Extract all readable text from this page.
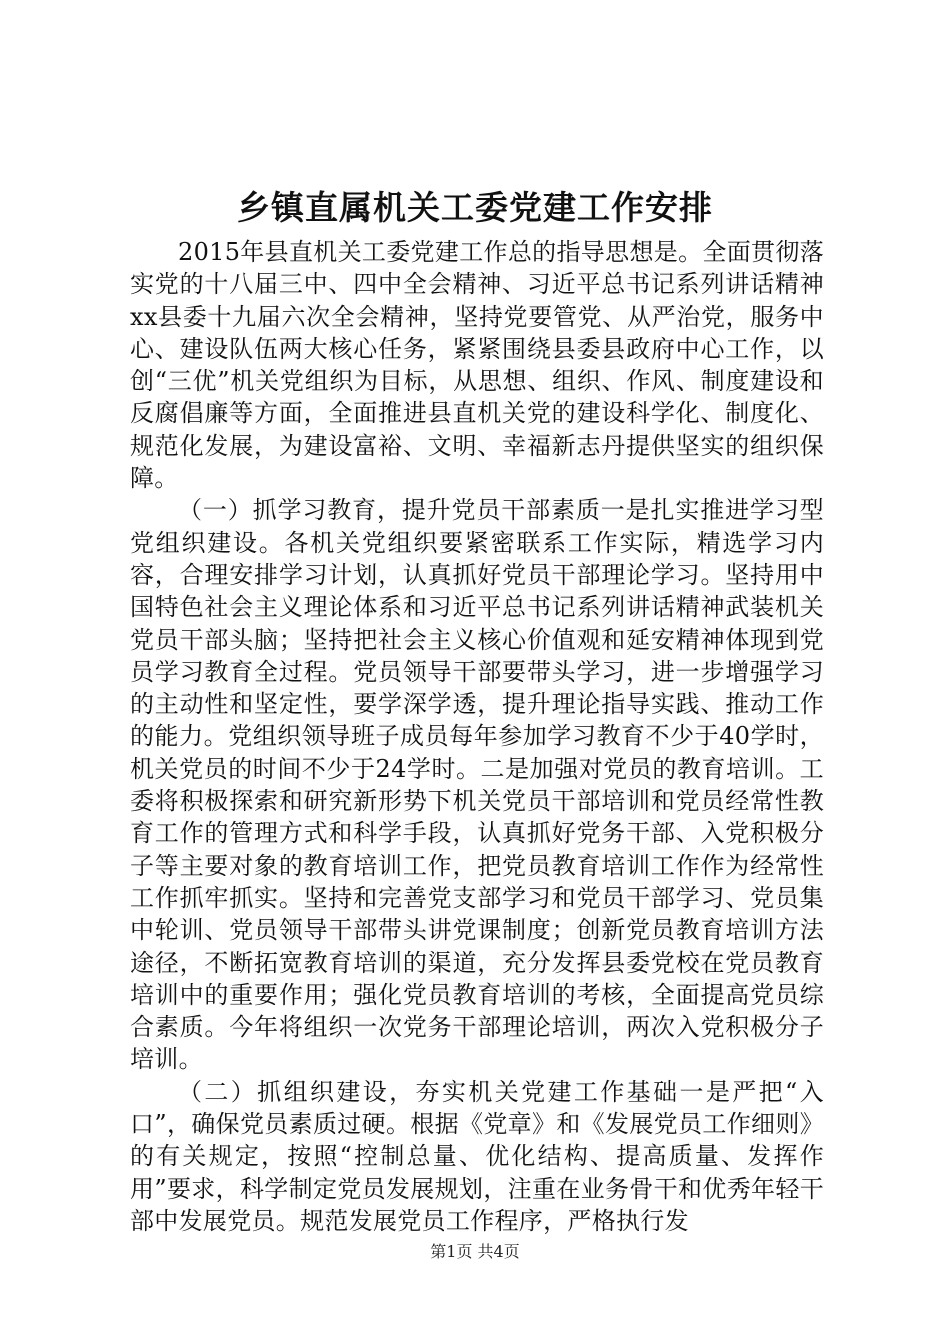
乡镇直属机关工委党建工作安排

2015年县直机关工委党建工作总的指导思想是。全面贯彻落实党的十八届三中、四中全会精神、习近平总书记系列讲话精神xx县委十九届六次全会精神，坚持党要管党、从严治党，服务中心、建设队伍两大核心任务，紧紧围绕县委县政府中心工作，以创“三优”机关党组织为目标，从思想、组织、作风、制度建设和反腐倡廉等方面，全面推进县直机关党的建设科学化、制度化、规范化发展，为建设富裕、文明、幸福新志丹提供坚实的组织保障。

（一）抓学习教育，提升党员干部素质一是扎实推进学习型党组织建设。各机关党组织要紧密联系工作实际，精选学习内容，合理安排学习计划，认真抓好党员干部理论学习。坚持用中国特色社会主义理论体系和习近平总书记系列讲话精神武装机关党员干部头脑；坚持把社会主义核心价值观和延安精神体现到党员学习教育全过程。党员领导干部要带头学习，进一步增强学习的主动性和坚定性，要学深学透，提升理论指导实践、推动工作的能力。党组织领导班子成员每年参加学习教育不少于40学时，机关党员的时间不少于24学时。二是加强对党员的教育培训。工委将积极探索和研究新形势下机关党员干部培训和党员经常性教育工作的管理方式和科学手段，认真抓好党务干部、入党积极分子等主要对象的教育培训工作，把党员教育培训工作作为经常性工作抓牢抓实。坚持和完善党支部学习和党员干部学习、党员集中轮训、党员领导干部带头讲党课制度；创新党员教育培训方法途径，不断拓宽教育培训的渠道，充分发挥县委党校在党员教育培训中的重要作用；强化党员教育培训的考核，全面提高党员综合素质。今年将组织一次党务干部理论培训，两次入党积极分子培训。

（二）抓组织建设，夯实机关党建工作基础一是严把“入口”，确保党员素质过硬。根据《党章》和《发展党员工作细则》的有关规定，按照“控制总量、优化结构、提高质量、发挥作用”要求，科学制定党员发展规划，注重在业务骨干和优秀年轻干部中发展党员。规范发展党员工作程序，严格执行发

第1页 共4页
